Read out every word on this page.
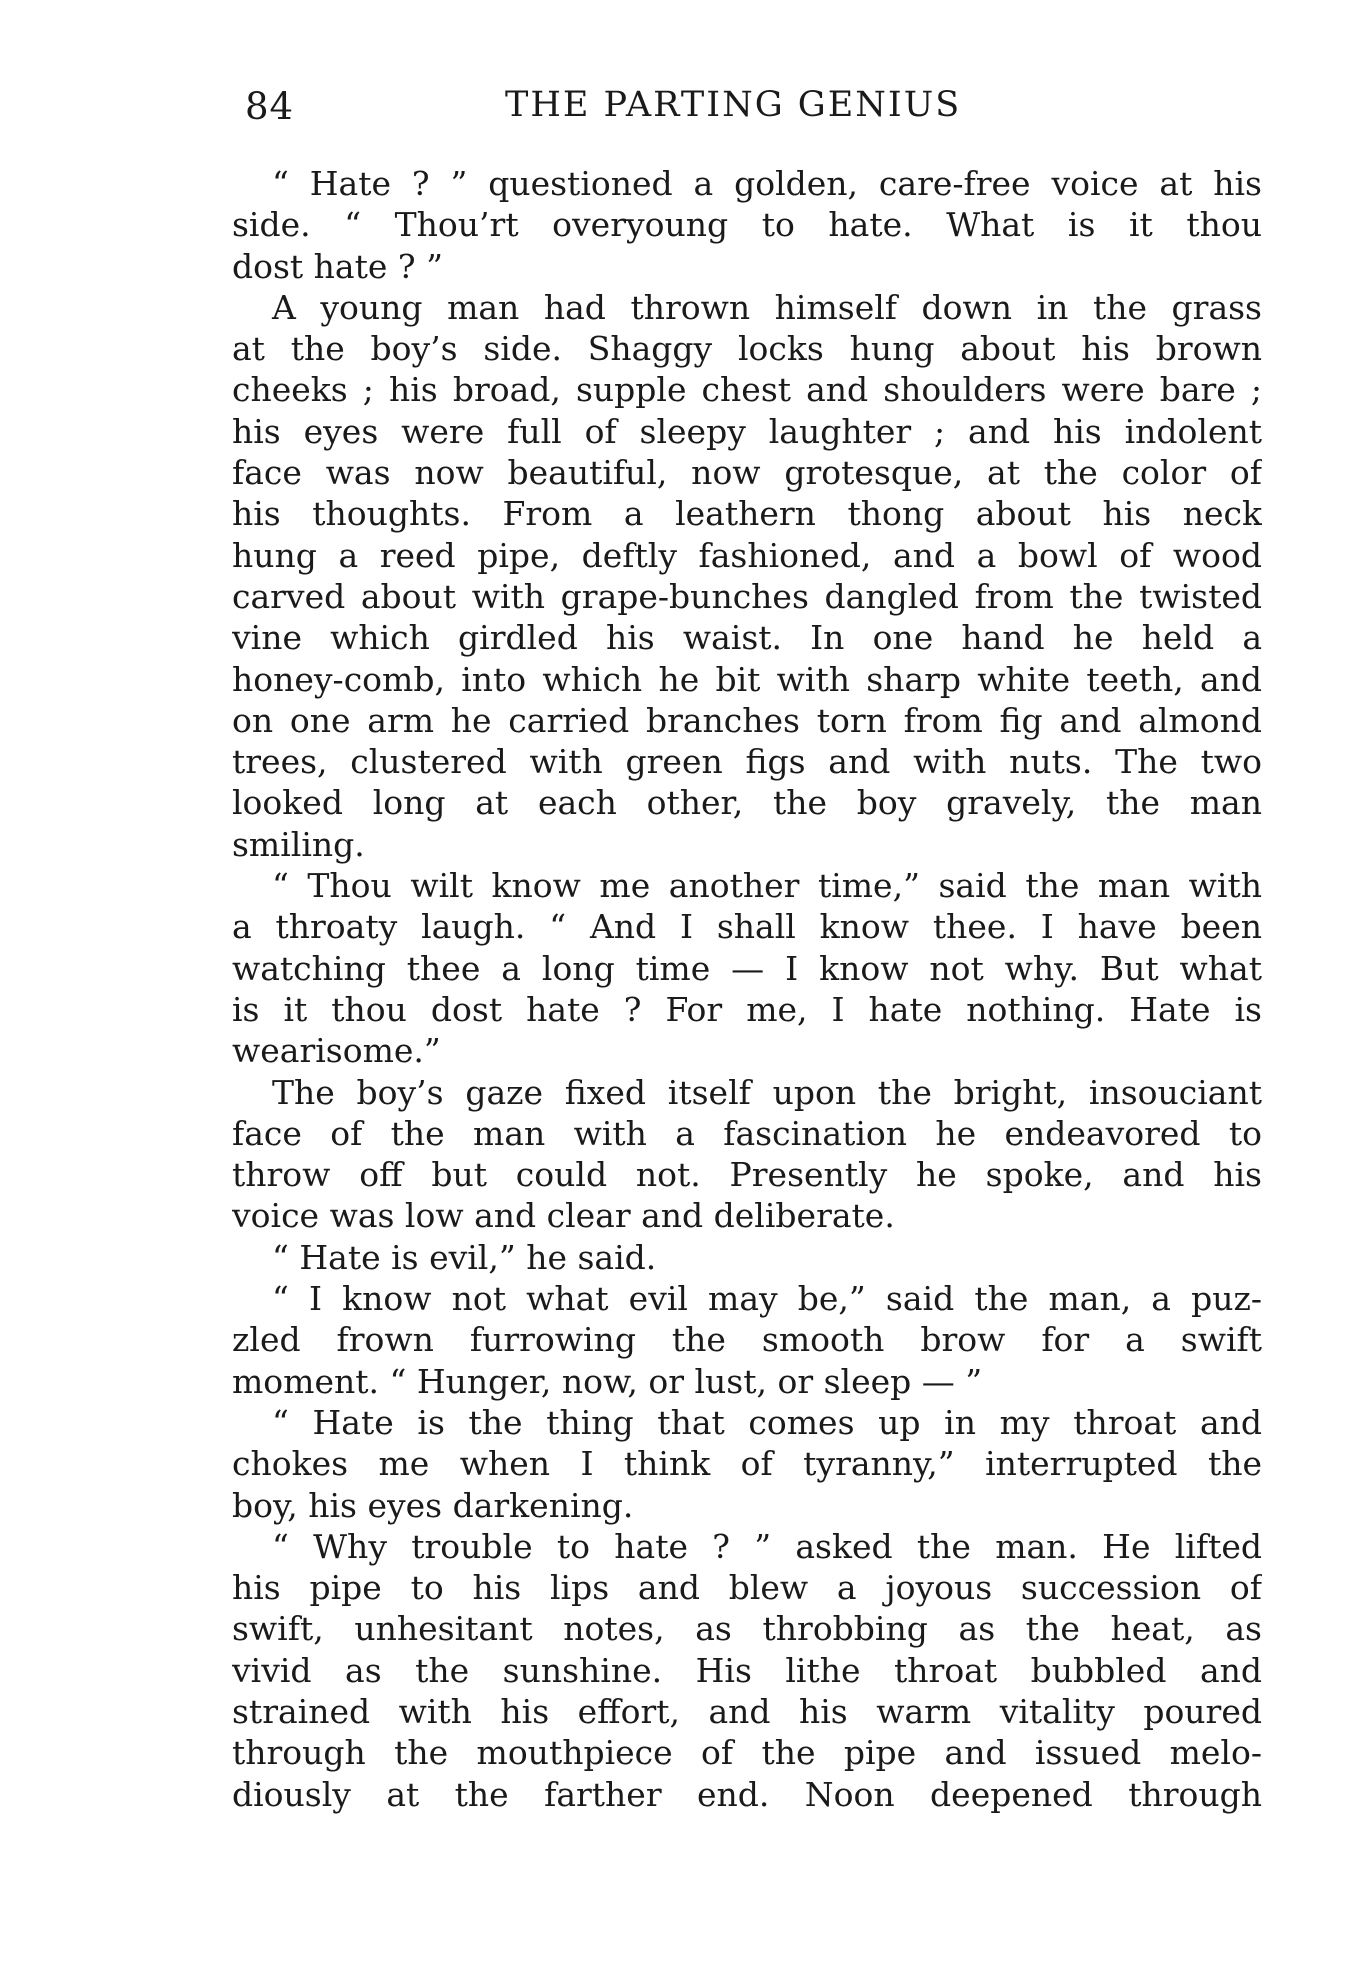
84	THE PARTING GENIUS
“ Hate ? ” questioned a golden, care-free voice at his
side. “ Thou’rt overyoung to hate. What is it thou
dost hate ? ”
A young man had thrown himself down in the grass
at the boy’s side. Shaggy locks hung about his brown
cheeks ; his broad, supple chest and shoulders were bare ;
his eyes were full of sleepy laughter ; and his indolent
face was now beautiful, now grotesque, at the color of
his thoughts. From a leathern thong about his neck
hung a reed pipe, deftly fashioned, and a bowl of wood
carved about with grape-bunches dangled from the twisted
vine which girdled his waist. In one hand he held a
honey-comb, into which he bit with sharp white teeth, and
on one arm he carried branches torn from fig and almond
trees, clustered with green figs and with nuts. The two
looked long at each other, the boy gravely, the man
smiling.
“ Thou wilt know me another time,” said the man with
a throaty laugh. “ And I shall know thee. I have been
watching thee a long time — I know not why. But what
is it thou dost hate ? For me, I hate nothing. Hate is
wearisome.”
The boy’s gaze fixed itself upon the bright, insouciant
face of the man with a fascination he endeavored to
throw off but could not. Presently he spoke, and his
voice was low and clear and deliberate.
“ Hate is evil,” he said.
“ I know not what evil may be,” said the man, a puz-
zled frown furrowing the smooth brow for a swift
moment. “ Hunger, now, or lust, or sleep — ”
“ Hate is the thing that comes up in my throat and
chokes me when I think of tyranny,” interrupted the
boy, his eyes darkening.
“ Why trouble to hate ? ” asked the man. He lifted
his pipe to his lips and blew a joyous succession of
swift, unhesitant notes, as throbbing as the heat, as
vivid as the sunshine. His lithe throat bubbled and
strained with his effort, and his warm vitality poured
through the mouthpiece of the pipe and issued melo-
diously at the farther end. Noon deepened through
